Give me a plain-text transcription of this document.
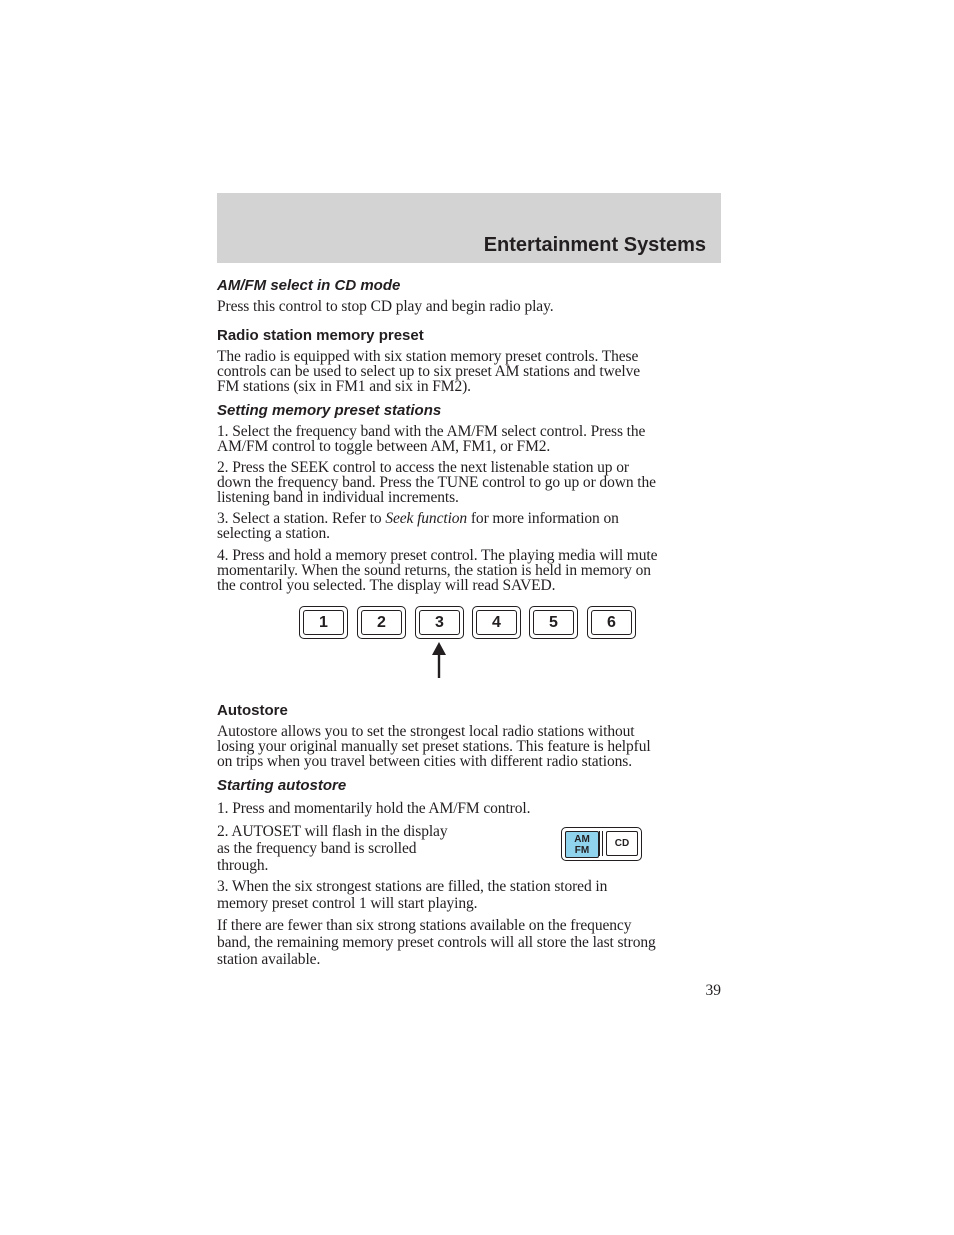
Entertainment Systems
AM/FM select in CD mode

Press this control to stop CD play and begin radio play.

Radio station memory preset

The radio is equipped with six station memory preset controls. These

controls can be used to select up to six preset AM stations and twelve

FM stations (six in FM1 and six in FM2).

Setting memory preset stations

1. Select the frequency band with the AM/FM select control. Press the

AM/FM control to toggle between AM, FM1, or FM2.

2. Press the SEEK control to access the next listenable station up or

down the frequency band. Press the TUNE control to go up or down the

listening band in individual increments.

3. Select a station. Refer to Seek function for more information on

selecting a station.

4. Press and hold a memory preset control. The playing media will mute

momentarily. When the sound returns, the station is held in memory on

the control you selected. The display will read SAVED.

1	2	3	4	5	6
Autostore

Autostore allows you to set the strongest local radio stations without

losing your original manually set preset stations. This feature is helpful

on trips when you travel between cities with different radio stations.

Starting autostore

1. Press and momentarily hold the AM/FM control.

2. AUTOSET will flash in the display

as the frequency band is scrolled

through.

AM
FM
CD

3. When the six strongest stations are filled, the station stored in

memory preset control 1 will start playing.

If there are fewer than six strong stations available on the frequency

band, the remaining memory preset controls will all store the last strong

station available.

39
